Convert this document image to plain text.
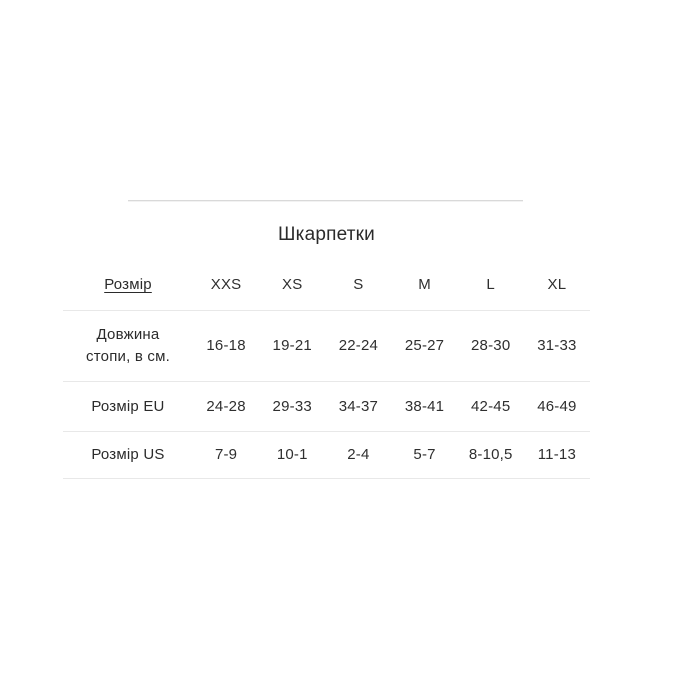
Шкарпетки
Розмір	XXS	XS	S	M	L	XL

Довжина
стопи, в см.	16-18	19-21	22-24	25-27	28-30	31-33
Розмір EU	24-28	29-33	34-37	38-41	42-45	46-49
Розмір US	7-9	10-1	2-4	5-7	8-10,5	11-13
